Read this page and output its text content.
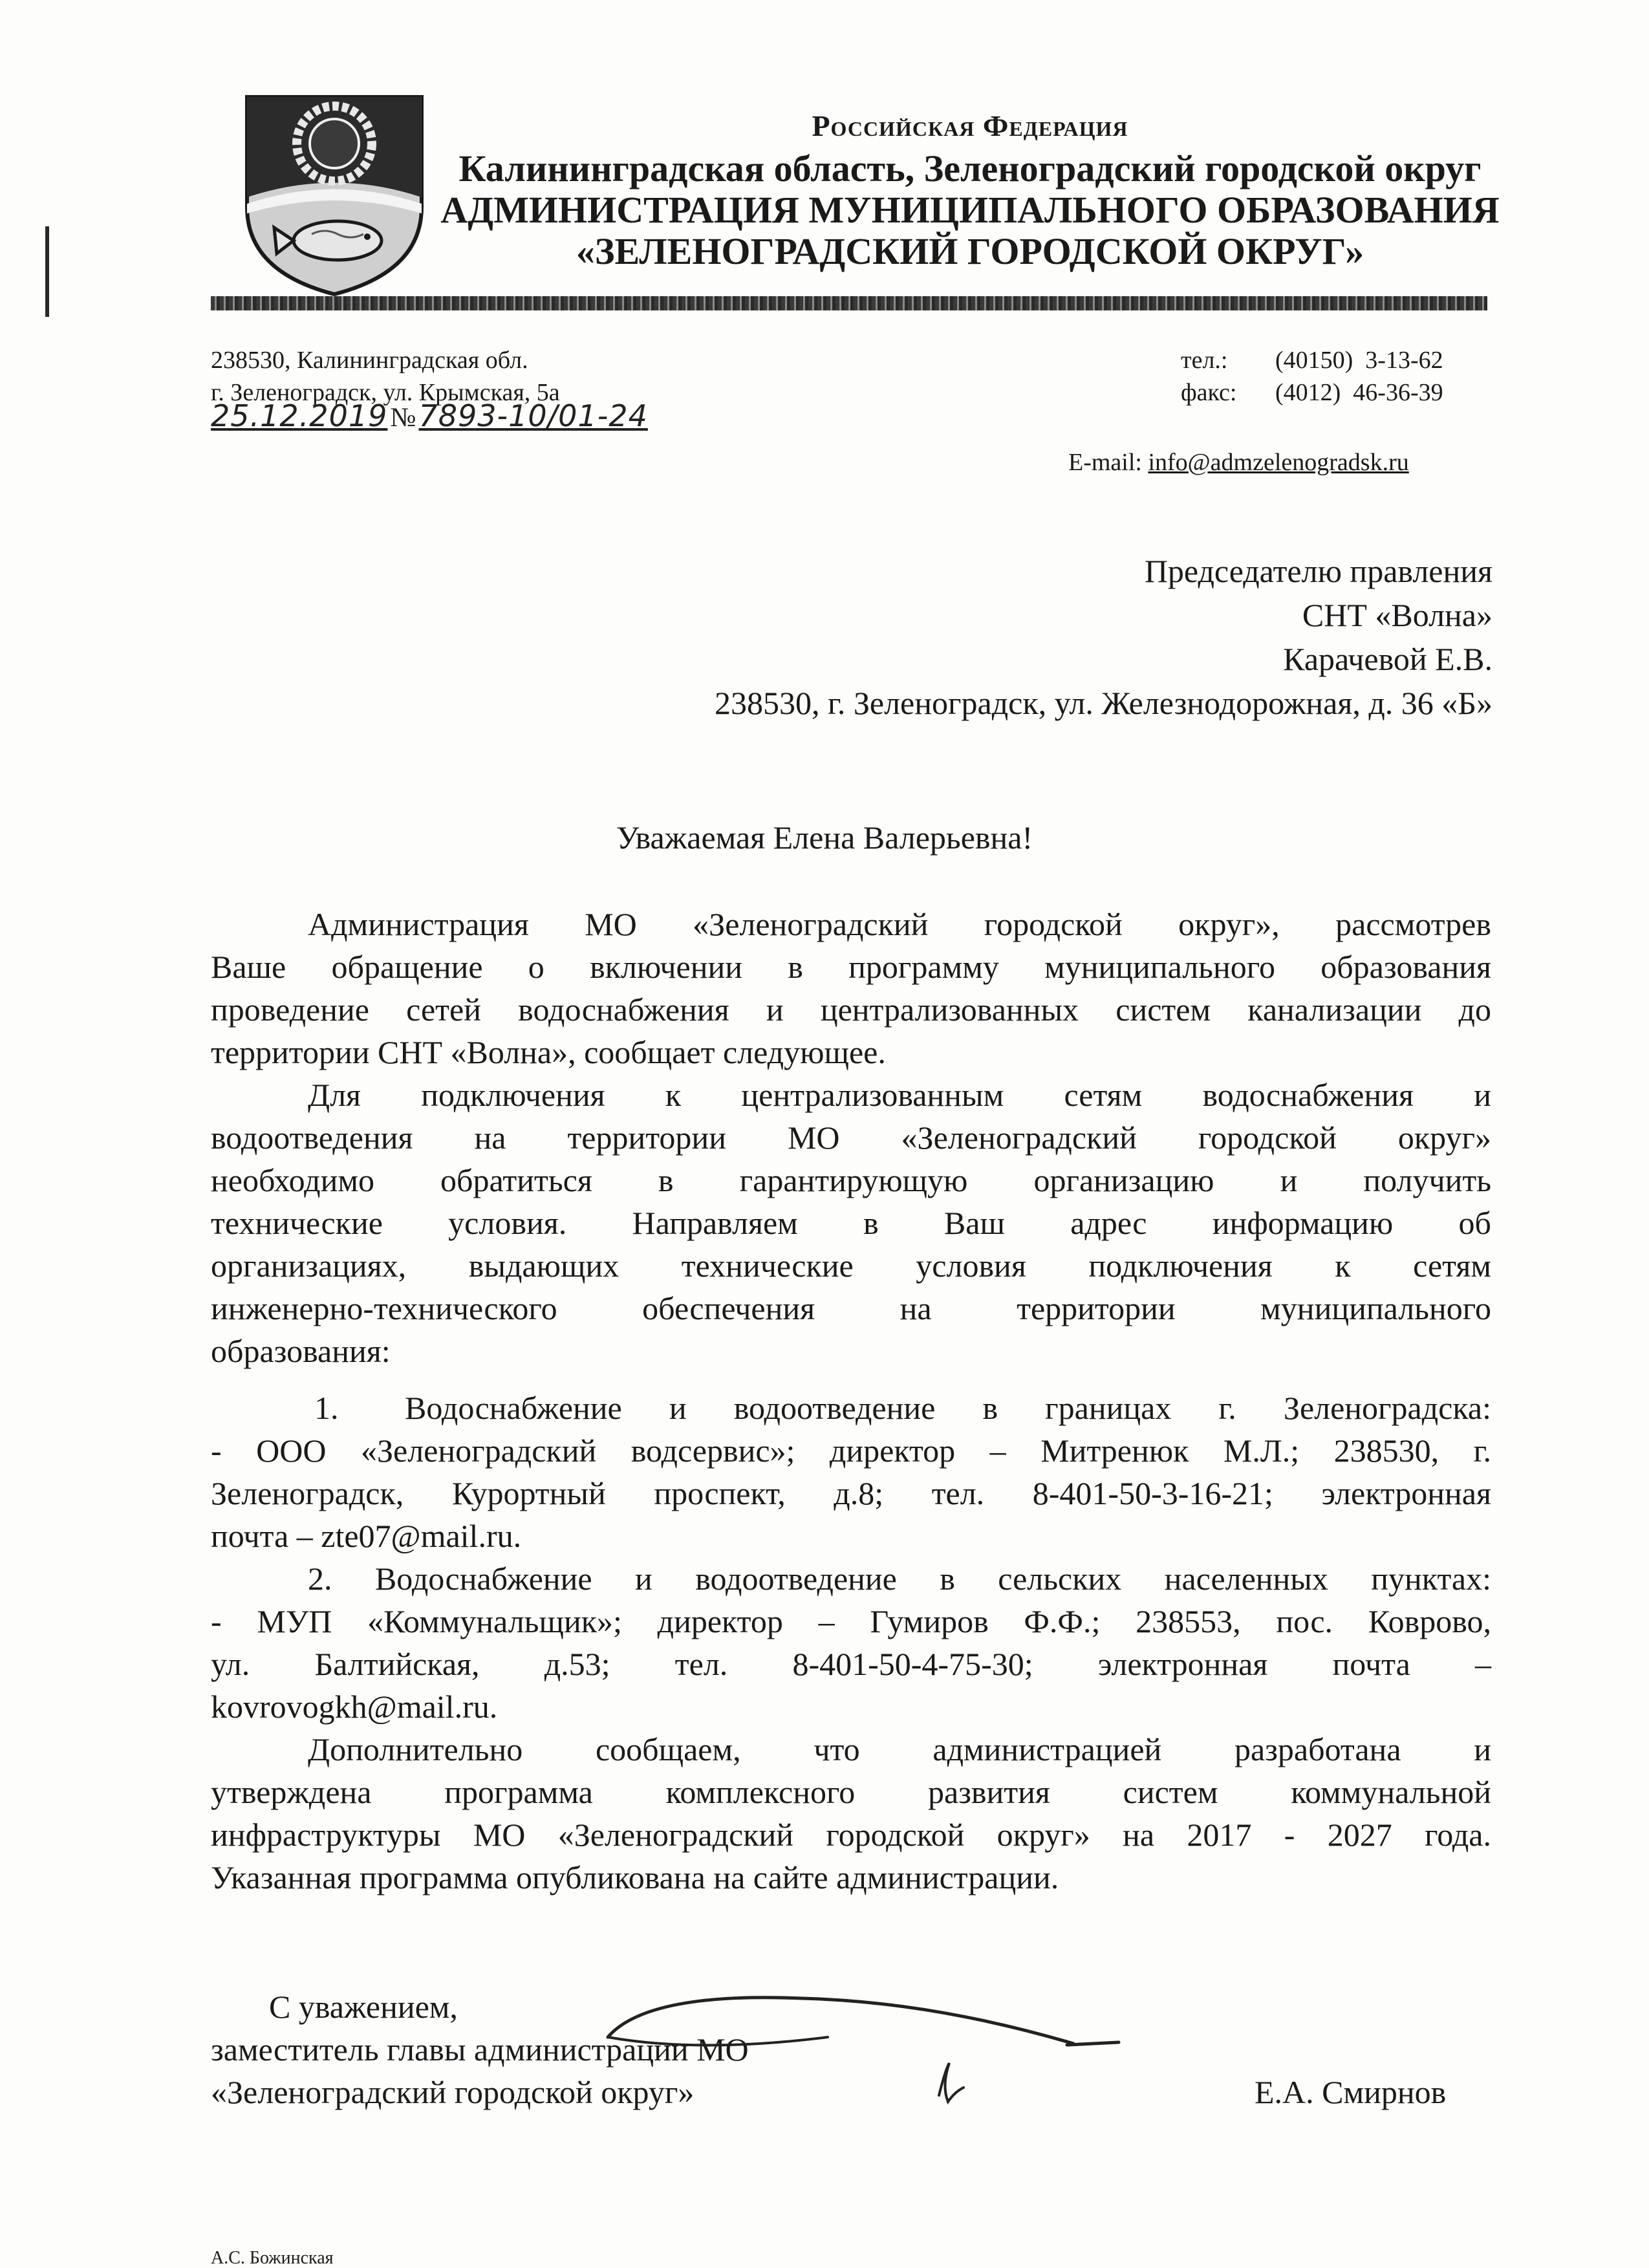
Российская Федерация
Калининградская область, Зеленоградский городской округ
АДМИНИСТРАЦИЯ МУНИЦИПАЛЬНОГО ОБРАЗОВАНИЯ
«ЗЕЛЕНОГРАДСКИЙ ГОРОДСКОЙ ОКРУГ»
238530, Калининградская обл.
г. Зеленоградск, ул. Крымская, 5а
тел.: (40150)  3-13-62
факс: (4012)  46-36-39
E-mail: info@admzelenogradsk.ru
25.12.2019№7893-10/01-24
Председателю правления
СНТ «Волна»
Карачевой Е.В.
238530, г. Зеленоградск, ул. Железнодорожная, д. 36 «Б»
Уважаемая Елена Валерьевна!
Администрация МО «Зеленоградский городской округ», рассмотрев
Ваше обращение о включении в программу муниципального образования
проведение сетей водоснабжения и централизованных систем канализации до
территории СНТ «Волна», сообщает следующее.
Для подключения к централизованным сетям водоснабжения и
водоотведения на территории МО «Зеленоградский городской округ»
необходимо обратиться в гарантирующую организацию и получить
технические условия. Направляем в Ваш адрес информацию об
организациях, выдающих технические условия подключения к сетям
инженерно-технического обеспечения на территории муниципального
образования:
1. Водоснабжение и водоотведение в границах г. Зеленоградска:
- ООО «Зеленоградский водсервис»; директор – Митренюк М.Л.; 238530, г.
Зеленоградск, Курортный проспект, д.8; тел. 8-401-50-3-16-21; электронная
почта – zte07@mail.ru.
2. Водоснабжение и водоотведение в сельских населенных пунктах:
- МУП «Коммунальщик»; директор – Гумиров Ф.Ф.; 238553, пос. Коврово,
ул. Балтийская, д.53; тел. 8-401-50-4-75-30; электронная почта –
kovrovogkh@mail.ru.
Дополнительно сообщаем, что администрацией разработана и
утверждена программа комплексного развития систем коммунальной
инфраструктуры МО «Зеленоградский городской округ» на 2017 - 2027 года.
Указанная программа опубликована на сайте администрации.
С уважением,
заместитель главы администрации МО
«Зеленоградский городской округ»	Е.А. Смирнов
А.С. Божинская
